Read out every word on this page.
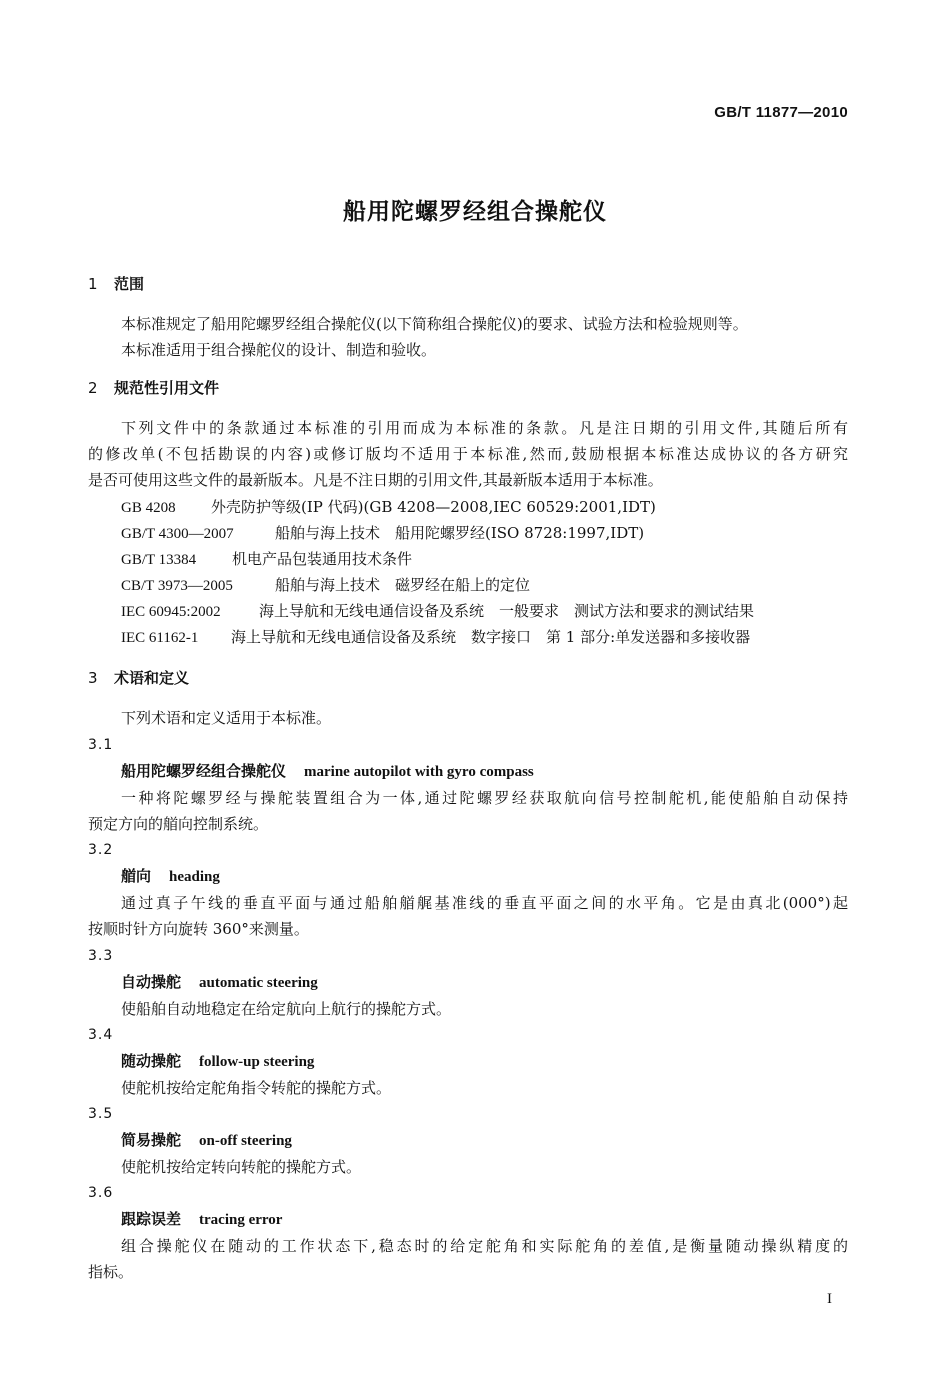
GB/T 11877—2010
船用陀螺罗经组合操舵仪
1 范围
本标准规定了船用陀螺罗经组合操舵仪(以下简称组合操舵仪)的要求、试验方法和检验规则等。
本标准适用于组合操舵仪的设计、制造和验收。
2 规范性引用文件
下列文件中的条款通过本标准的引用而成为本标准的条款。凡是注日期的引用文件,其随后所有
的修改单(不包括勘误的内容)或修订版均不适用于本标准,然而,鼓励根据本标准达成协议的各方研究
是否可使用这些文件的最新版本。凡是不注日期的引用文件,其最新版本适用于本标准。
GB 4208 外壳防护等级(IP 代码)(GB 4208—2008,IEC 60529:2001,IDT)
GB/T 4300—2007	船舶与海上技术　船用陀螺罗经(ISO 8728:1997,IDT)
GB/T 13384 机电产品包装通用技术条件
CB/T 3973—2005	船舶与海上技术　磁罗经在船上的定位
IEC 60945:2002	海上导航和无线电通信设备及系统　一般要求　测试方法和要求的测试结果
IEC 61162-1 海上导航和无线电通信设备及系统　数字接口　第 1 部分:单发送器和多接收器
3 术语和定义
下列术语和定义适用于本标准。
3.1
船用陀螺罗经组合操舵仪 marine autopilot with gyro compass
一种将陀螺罗经与操舵装置组合为一体,通过陀螺罗经获取航向信号控制舵机,能使船舶自动保持
预定方向的艏向控制系统。
3.2
艏向 heading
通过真子午线的垂直平面与通过船舶艏艉基准线的垂直平面之间的水平角。它是由真北(000°)起
按顺时针方向旋转 360°来测量。
3.3
自动操舵 automatic steering
使船舶自动地稳定在给定航向上航行的操舵方式。
3.4
随动操舵 follow-up steering
使舵机按给定舵角指令转舵的操舵方式。
3.5
简易操舵 on-off steering
使舵机按给定转向转舵的操舵方式。
3.6
跟踪误差 tracing error
组合操舵仪在随动的工作状态下,稳态时的给定舵角和实际舵角的差值,是衡量随动操纵精度的
指标。
I
